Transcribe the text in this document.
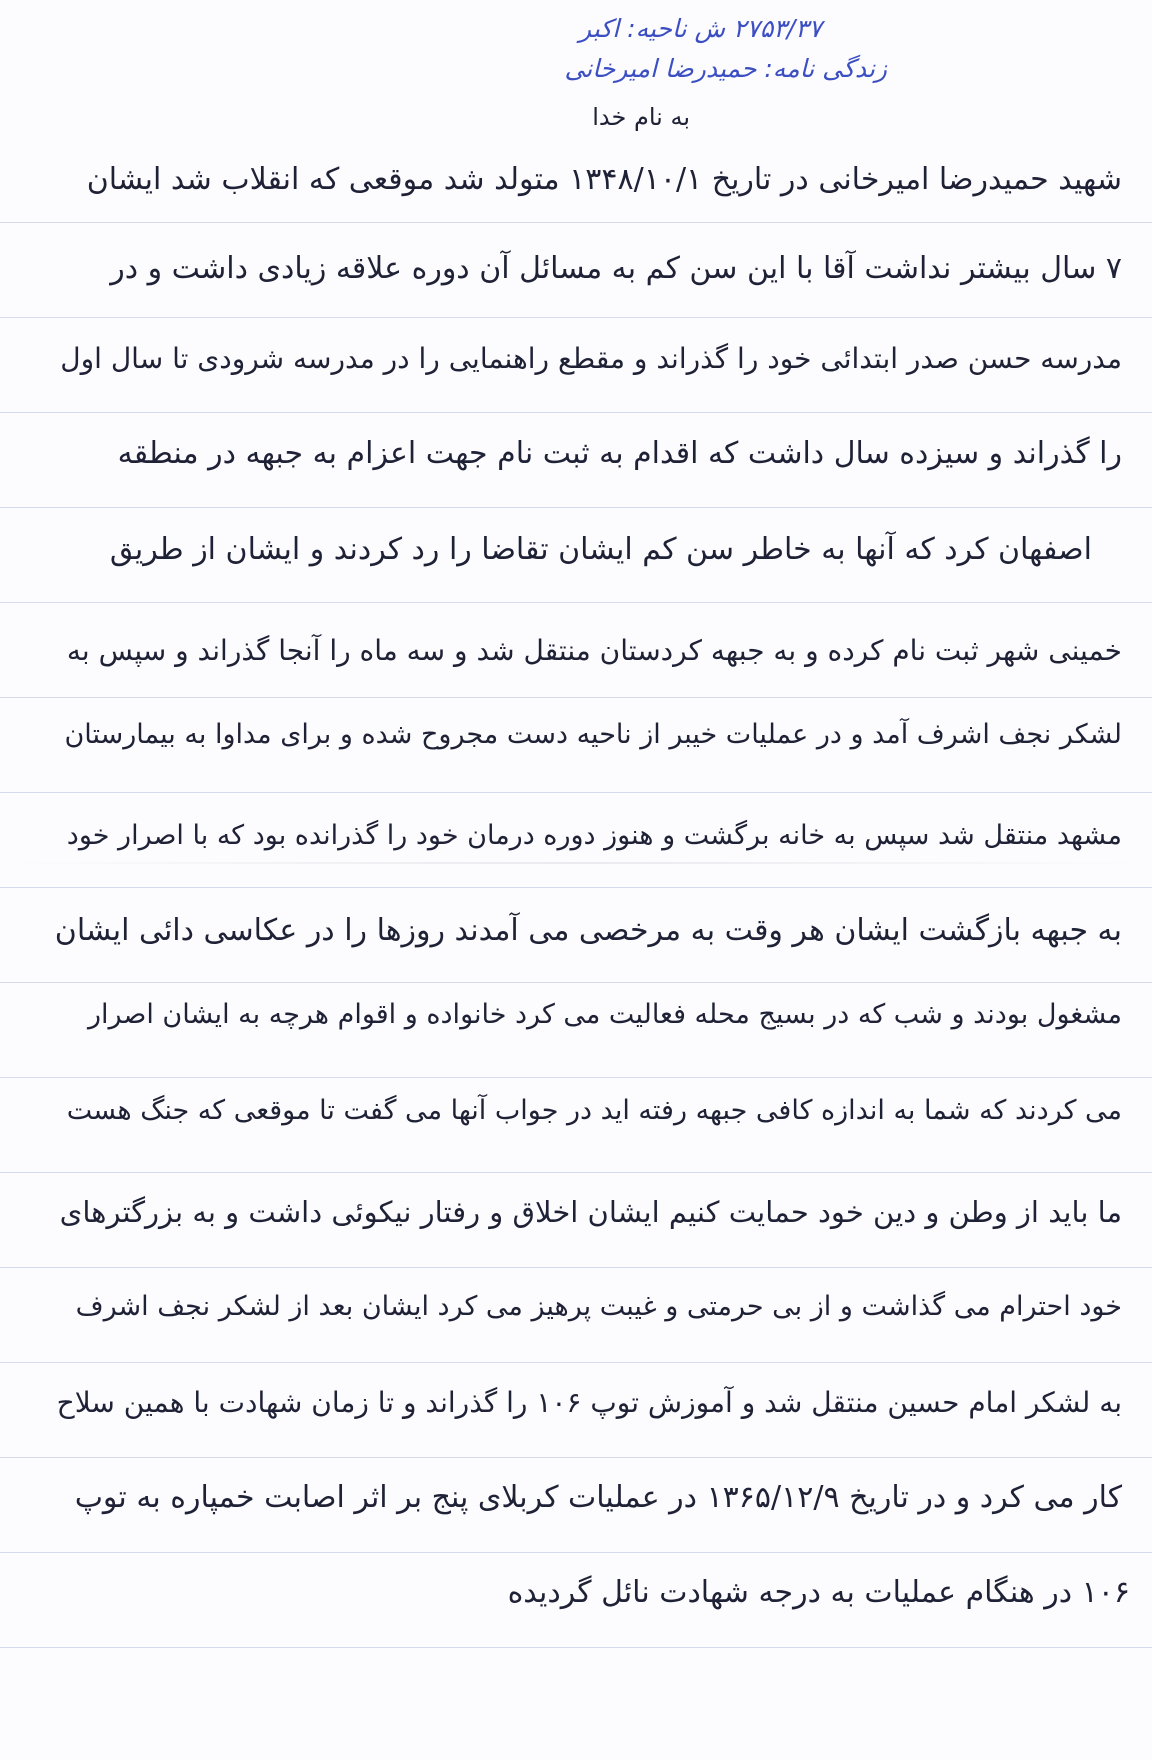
۲۷۵۳/۳۷ ش ناحیه: اکبر
زندگی نامه: حمیدرضا امیرخانی
به نام خدا
شهید حمیدرضا امیرخانی در تاریخ ۱۳۴۸/۱۰/۱ متولد شد موقعی که انقلاب شد ایشان
۷ سال بیشتر نداشت آقا با این سن کم به مسائل آن دوره علاقه زیادی داشت و در
مدرسه حسن صدر ابتدائی خود را گذراند و مقطع راهنمایی را در مدرسه شرودی تا سال اول
را گذراند و سیزده سال داشت که اقدام به ثبت نام جهت اعزام به جبهه در منطقه
اصفهان کرد که آنها به خاطر سن کم ایشان تقاضا را رد کردند و ایشان از طریق
خمینی شهر ثبت نام کرده و به جبهه کردستان منتقل شد و سه ماه را آنجا گذراند و سپس به
لشکر نجف اشرف آمد و در عملیات خیبر از ناحیه دست مجروح شده و برای مداوا به بیمارستان
مشهد منتقل شد سپس به خانه برگشت و هنوز دوره درمان خود را گذرانده بود که با اصرار خود
به جبهه بازگشت ایشان هر وقت به مرخصی می آمدند روزها را در عکاسی دائی ایشان
مشغول بودند و شب که در بسیج محله فعالیت می کرد خانواده و اقوام هرچه به ایشان اصرار
می کردند که شما به اندازه کافی جبهه رفته اید در جواب آنها می گفت تا موقعی که جنگ هست
ما باید از وطن و دین خود حمایت کنیم ایشان اخلاق و رفتار نیکوئی داشت و به بزرگترهای
خود احترام می گذاشت و از بی حرمتی و غیبت پرهیز می کرد ایشان بعد از لشکر نجف اشرف
به لشکر امام حسین منتقل شد و آموزش توپ ۱۰۶ را گذراند و تا زمان شهادت با همین سلاح
کار می کرد و در تاریخ ۱۳۶۵/۱۲/۹ در عملیات کربلای پنج بر اثر اصابت خمپاره به توپ
۱۰۶ در هنگام عملیات به درجه شهادت نائل گردیده
